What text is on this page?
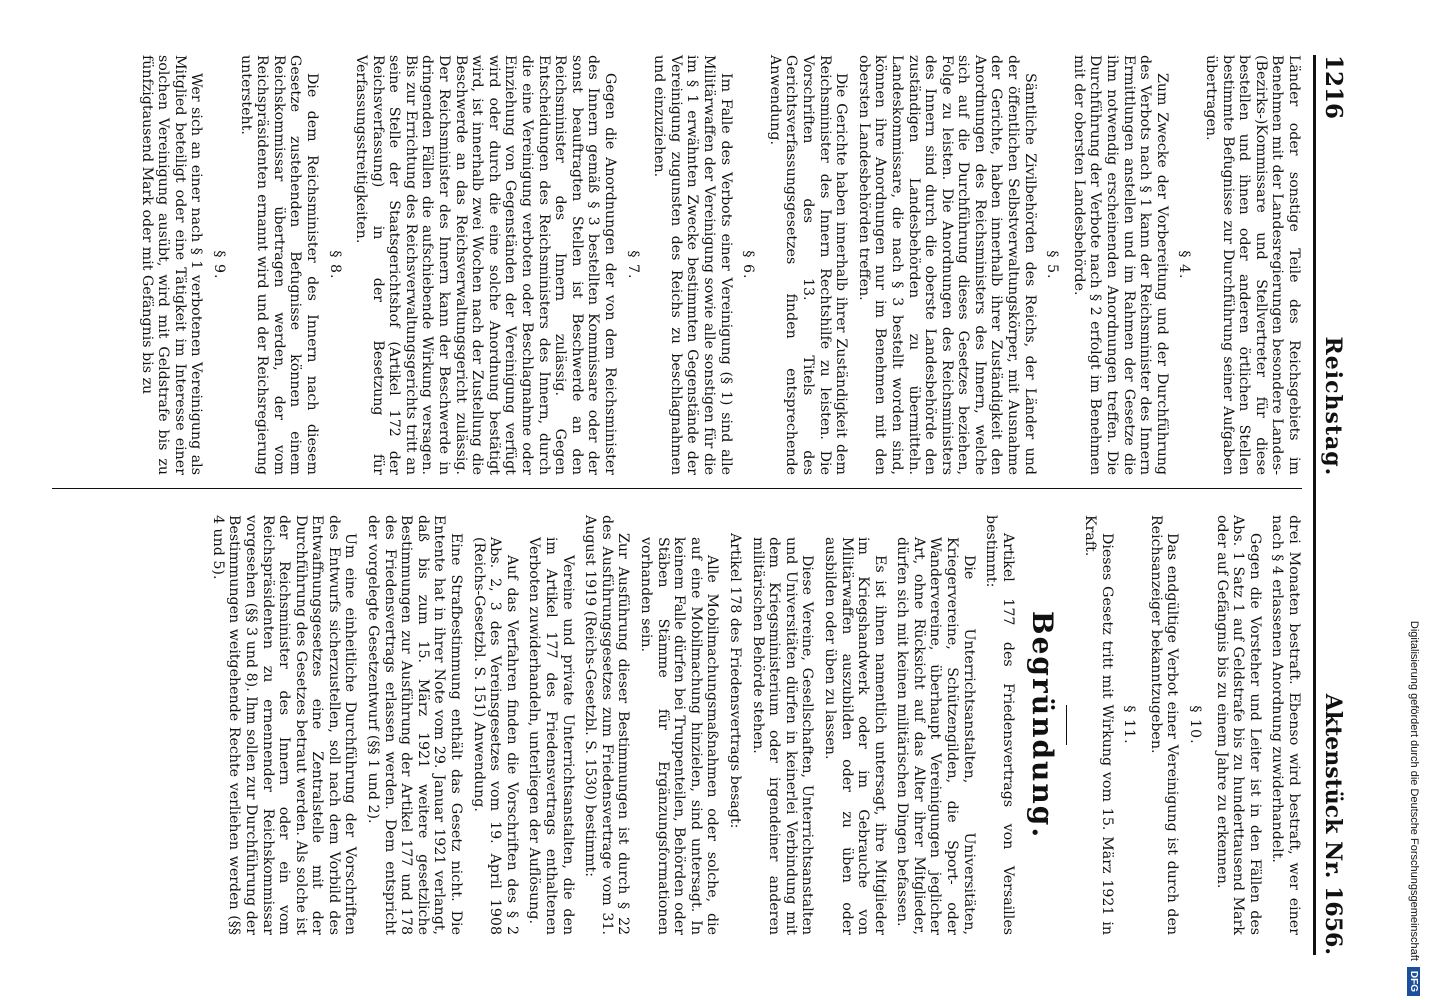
1216
Reichstag.
Aktenstück Nr. 1656.

Länder oder sonstige Teile des Reichsgebiets im Benehmen mit der Landesregierungen besondere Landes-(Bezirks-)Kommissare und Stellvertreter für diese bestellen und ihnen oder anderen örtlichen Stellen bestimmte Befugnisse zur Durchführung seiner Aufgaben übertragen.

§ 4.

Zum Zwecke der Vorbereitung und der Durchführung des Verbots nach § 1 kann der Reichsminister des Innern Ermittlungen anstellen und im Rahmen der Gesetze die ihm notwendig erscheinenden Anordnungen treffen. Die Durchführung der Verbote nach § 2 erfolgt im Benehmen mit der obersten Landesbehörde.

§ 5.

Sämtliche Zivilbehörden des Reichs, der Länder und der öffentlichen Selbstverwaltungskörper, mit Ausnahme der Gerichte, haben innerhalb ihrer Zuständigkeit den Anordnungen des Reichsministers des Innern, welche sich auf die Durchführung dieses Gesetzes beziehen, Folge zu leisten. Die Anordnungen des Reichsministers des Innern sind durch die oberste Landesbehörde den zuständigen Landesbehörden zu übermitteln. Landeskommissare, die nach § 3 bestellt worden sind, können ihre Anordnungen nur im Benehmen mit den obersten Landesbehörden treffen.

Die Gerichte haben innerhalb ihrer Zuständigkeit dem Reichsminister des Innern Rechtshilfe zu leisten. Die Vorschriften des 13. Titels des Gerichtsverfassungsgesetzes finden entsprechende Anwendung.

§ 6.

Im Falle des Verbots einer Vereinigung (§ 1) sind alle Militärwaffen der Vereinigung sowie alle sonstigen für die im § 1 erwähnten Zwecke bestimmten Gegenstände der Vereinigung zugunsten des Reichs zu beschlagnahmen und einzuziehen.

§ 7.

Gegen die Anordnungen der von dem Reichsminister des Innern gemäß § 3 bestellten Kommissare oder der sonst beauftragten Stellen ist Beschwerde an den Reichsminister des Innern zulässig. Gegen Entscheidungen des Reichsministers des Innern, durch die eine Vereinigung verboten oder Beschlagnahme oder Einziehung von Gegenständen der Vereinigung verfügt wird oder durch die eine solche Anordnung bestätigt wird, ist innerhalb zwei Wochen nach der Zustellung die Beschwerde an das Reichsverwaltungsgericht zulässig. Der Reichsminister des Innern kann der Beschwerde in dringenden Fällen die aufschiebende Wirkung versagen. Bis zur Errichtung des Reichsverwaltungsgerichts tritt an seine Stelle der Staatsgerichtshof (Artikel 172 der Reichsverfassung) in der Besetzung für Verfassungsstreitigkeiten.

§ 8.

Die dem Reichsminister des Innern nach diesem Gesetze zustehenden Befugnisse können einem Reichskommissar übertragen werden, der vom Reichspräsidenten ernannt wird und der Reichsregierung untersteht.

§ 9.

Wer sich an einer nach § 1 verbotenen Vereinigung als Mitglied beteiligt oder eine Tätigkeit im Interesse einer solchen Vereinigung ausübt, wird mit Geldstrafe bis zu fünfzigtausend Mark oder mit Gefängnis bis zu

drei Monaten bestraft. Ebenso wird bestraft, wer einer nach § 4 erlassenen Anordnung zuwiderhandelt.

Gegen die Vorsteher und Leiter ist in den Fällen des Abs. 1 Satz 1 auf Geldstrafe bis zu hunderttausend Mark oder auf Gefängnis bis zu einem Jahre zu erkennen.

§ 10.

Das endgültige Verbot einer Vereinigung ist durch den Reichsanzeiger bekanntzugeben.

§ 11.

Dieses Gesetz tritt mit Wirkung vom 15. März 1921 in Kraft.

Begründung.

Artikel 177 des Friedensvertrags von Versailles bestimmt:

Die Unterrichtsanstalten, Universitäten, Kriegervereine, Schützengilden, die Sport- oder Wandervereine, überhaupt Vereinigungen jeglicher Art, ohne Rücksicht auf das Alter ihrer Mitglieder, dürfen sich mit keinen militärischen Dingen befassen.

Es ist ihnen namentlich untersagt, ihre Mitglieder im Kriegshandwerk oder im Gebrauche von Militärwaffen auszubilden oder zu üben oder ausbilden oder üben zu lassen.

Diese Vereine, Gesellschaften, Unterrichtsanstalten und Universitäten dürfen in keinerlei Verbindung mit dem Kriegsministerium oder irgendeiner anderen militärischen Behörde stehen.

Artikel 178 des Friedensvertrags besagt:

Alle Mobilmachungsmaßnahmen oder solche, die auf eine Mobilmachung hinzielen, sind untersagt. In keinem Falle dürfen bei Truppenteilen, Behörden oder Stäben Stämme für Ergänzungsformationen vorhanden sein.

Zur Ausführung dieser Bestimmungen ist durch § 22 des Ausführungsgesetzes zum Friedensvertrage vom 31. August 1919 (Reichs-Gesetzbl. S. 1530) bestimmt:

Vereine und private Unterrichtsanstalten, die den im Artikel 177 des Friedensvertrags enthaltenen Verboten zuwiderhandeln, unterliegen der Auflösung.

Auf das Verfahren finden die Vorschriften des § 2 Abs. 2, 3 des Vereinsgesetzes vom 19. April 1908 (Reichs-Gesetzbl. S. 151) Anwendung.

Eine Strafbestimmung enthält das Gesetz nicht. Die Entente hat in ihrer Note vom 29. Januar 1921 verlangt, daß bis zum 15. März 1921 weitere gesetzliche Bestimmungen zur Ausführung der Artikel 177 und 178 des Friedensvertrags erlassen werden. Dem entspricht der vorgelegte Gesetzentwurf (§§ 1 und 2).

Um eine einheitliche Durchführung der Vorschriften des Entwurfs sicherzustellen, soll nach dem Vorbild des Entwaffnungsgesetzes eine Zentralstelle mit der Durchführung des Gesetzes betraut werden. Als solche ist der Reichsminister des Innern oder ein vom Reichspräsidenten zu ernennender Reichskommissar vorgesehen (§§ 3 und 8). Ihm sollen zur Durchführung der Bestimmungen weitgehende Rechte verliehen werden (§§ 4 und 5).

Digitalisierung gefördert durch die Deutsche Forschungsgemeinschaft
DFG
